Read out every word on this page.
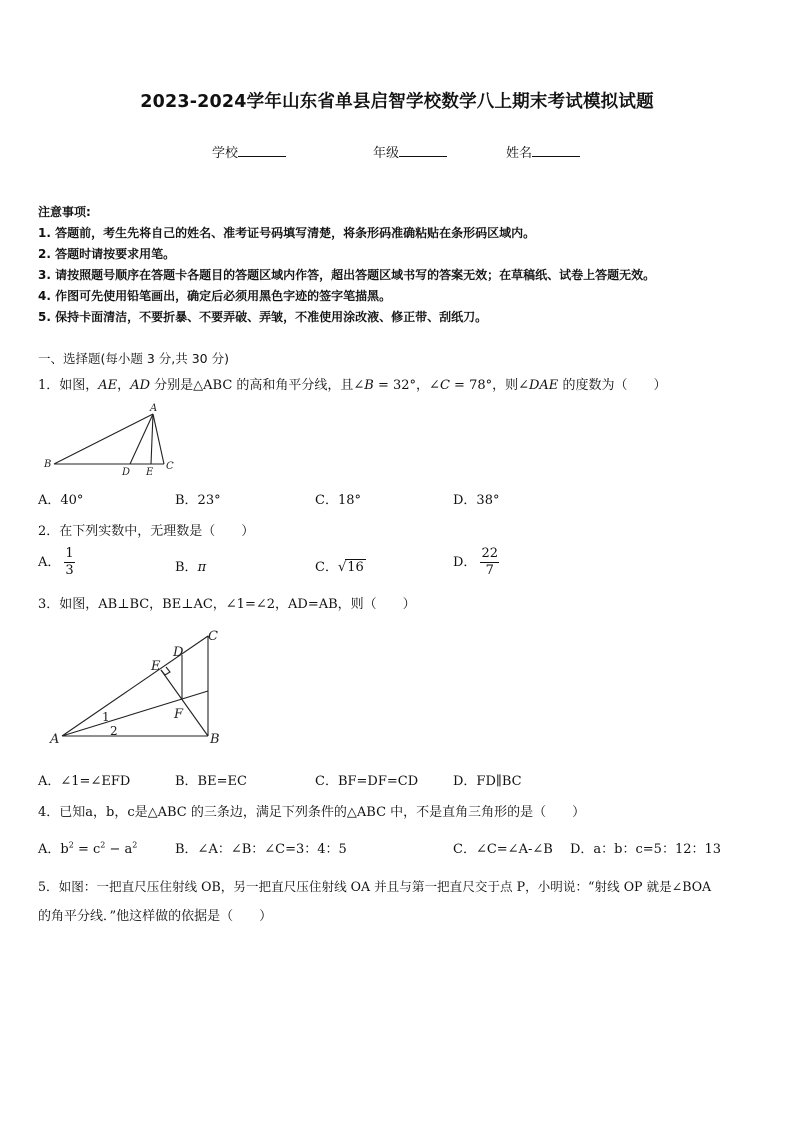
2023-2024学年山东省单县启智学校数学八上期末考试模拟试题
学校	年级	姓名
注意事项:
1. 答题前，考生先将自己的姓名、准考证号码填写清楚，将条形码准确粘贴在条形码区域内。
2. 答题时请按要求用笔。
3. 请按照题号顺序在答题卡各题目的答题区域内作答，超出答题区域书写的答案无效；在草稿纸、试卷上答题无效。
4. 作图可先使用铅笔画出，确定后必须用黑色字迹的签字笔描黑。
5. 保持卡面清洁，不要折暴、不要弄破、弄皱，不准使用涂改液、修正带、刮纸刀。
一、选择题(每小题 3 分,共 30 分)
1．如图，AE，AD 分别是△ABC 的高和角平分线，且∠B = 32°，∠C = 78°，则∠DAE 的度数为（　　）
A
B	C
D E
A．40°	B．23°	C．18°	D．38°
2．在下列实数中，无理数是（　　）
A． $\frac{1}{3}$	B．π	C．√16	D． $\frac{22}{7}$
3．如图，AB⊥BC，BE⊥AC，∠1=∠2，AD=AB，则（　　）
A	B
C
D
E
F
1
2
A．∠1=∠EFD	B．BE=EC	C．BF=DF=CD	D．FD∥BC
4．已知a，b，c是△ABC 的三条边，满足下列条件的△ABC 中，不是直角三角形的是（　　）
A．$b^2 = c^2 - a^2$	B．∠A：∠B：∠C=3：4：5	C．∠C=∠A-∠B D．a：b：c=5：12：13
5．如图：一把直尺压住射线 OB，另一把直尺压住射线 OA 并且与第一把直尺交于点 P，小明说：“射线 OP 就是∠BOA
的角平分线．”他这样做的依据是（　　）
